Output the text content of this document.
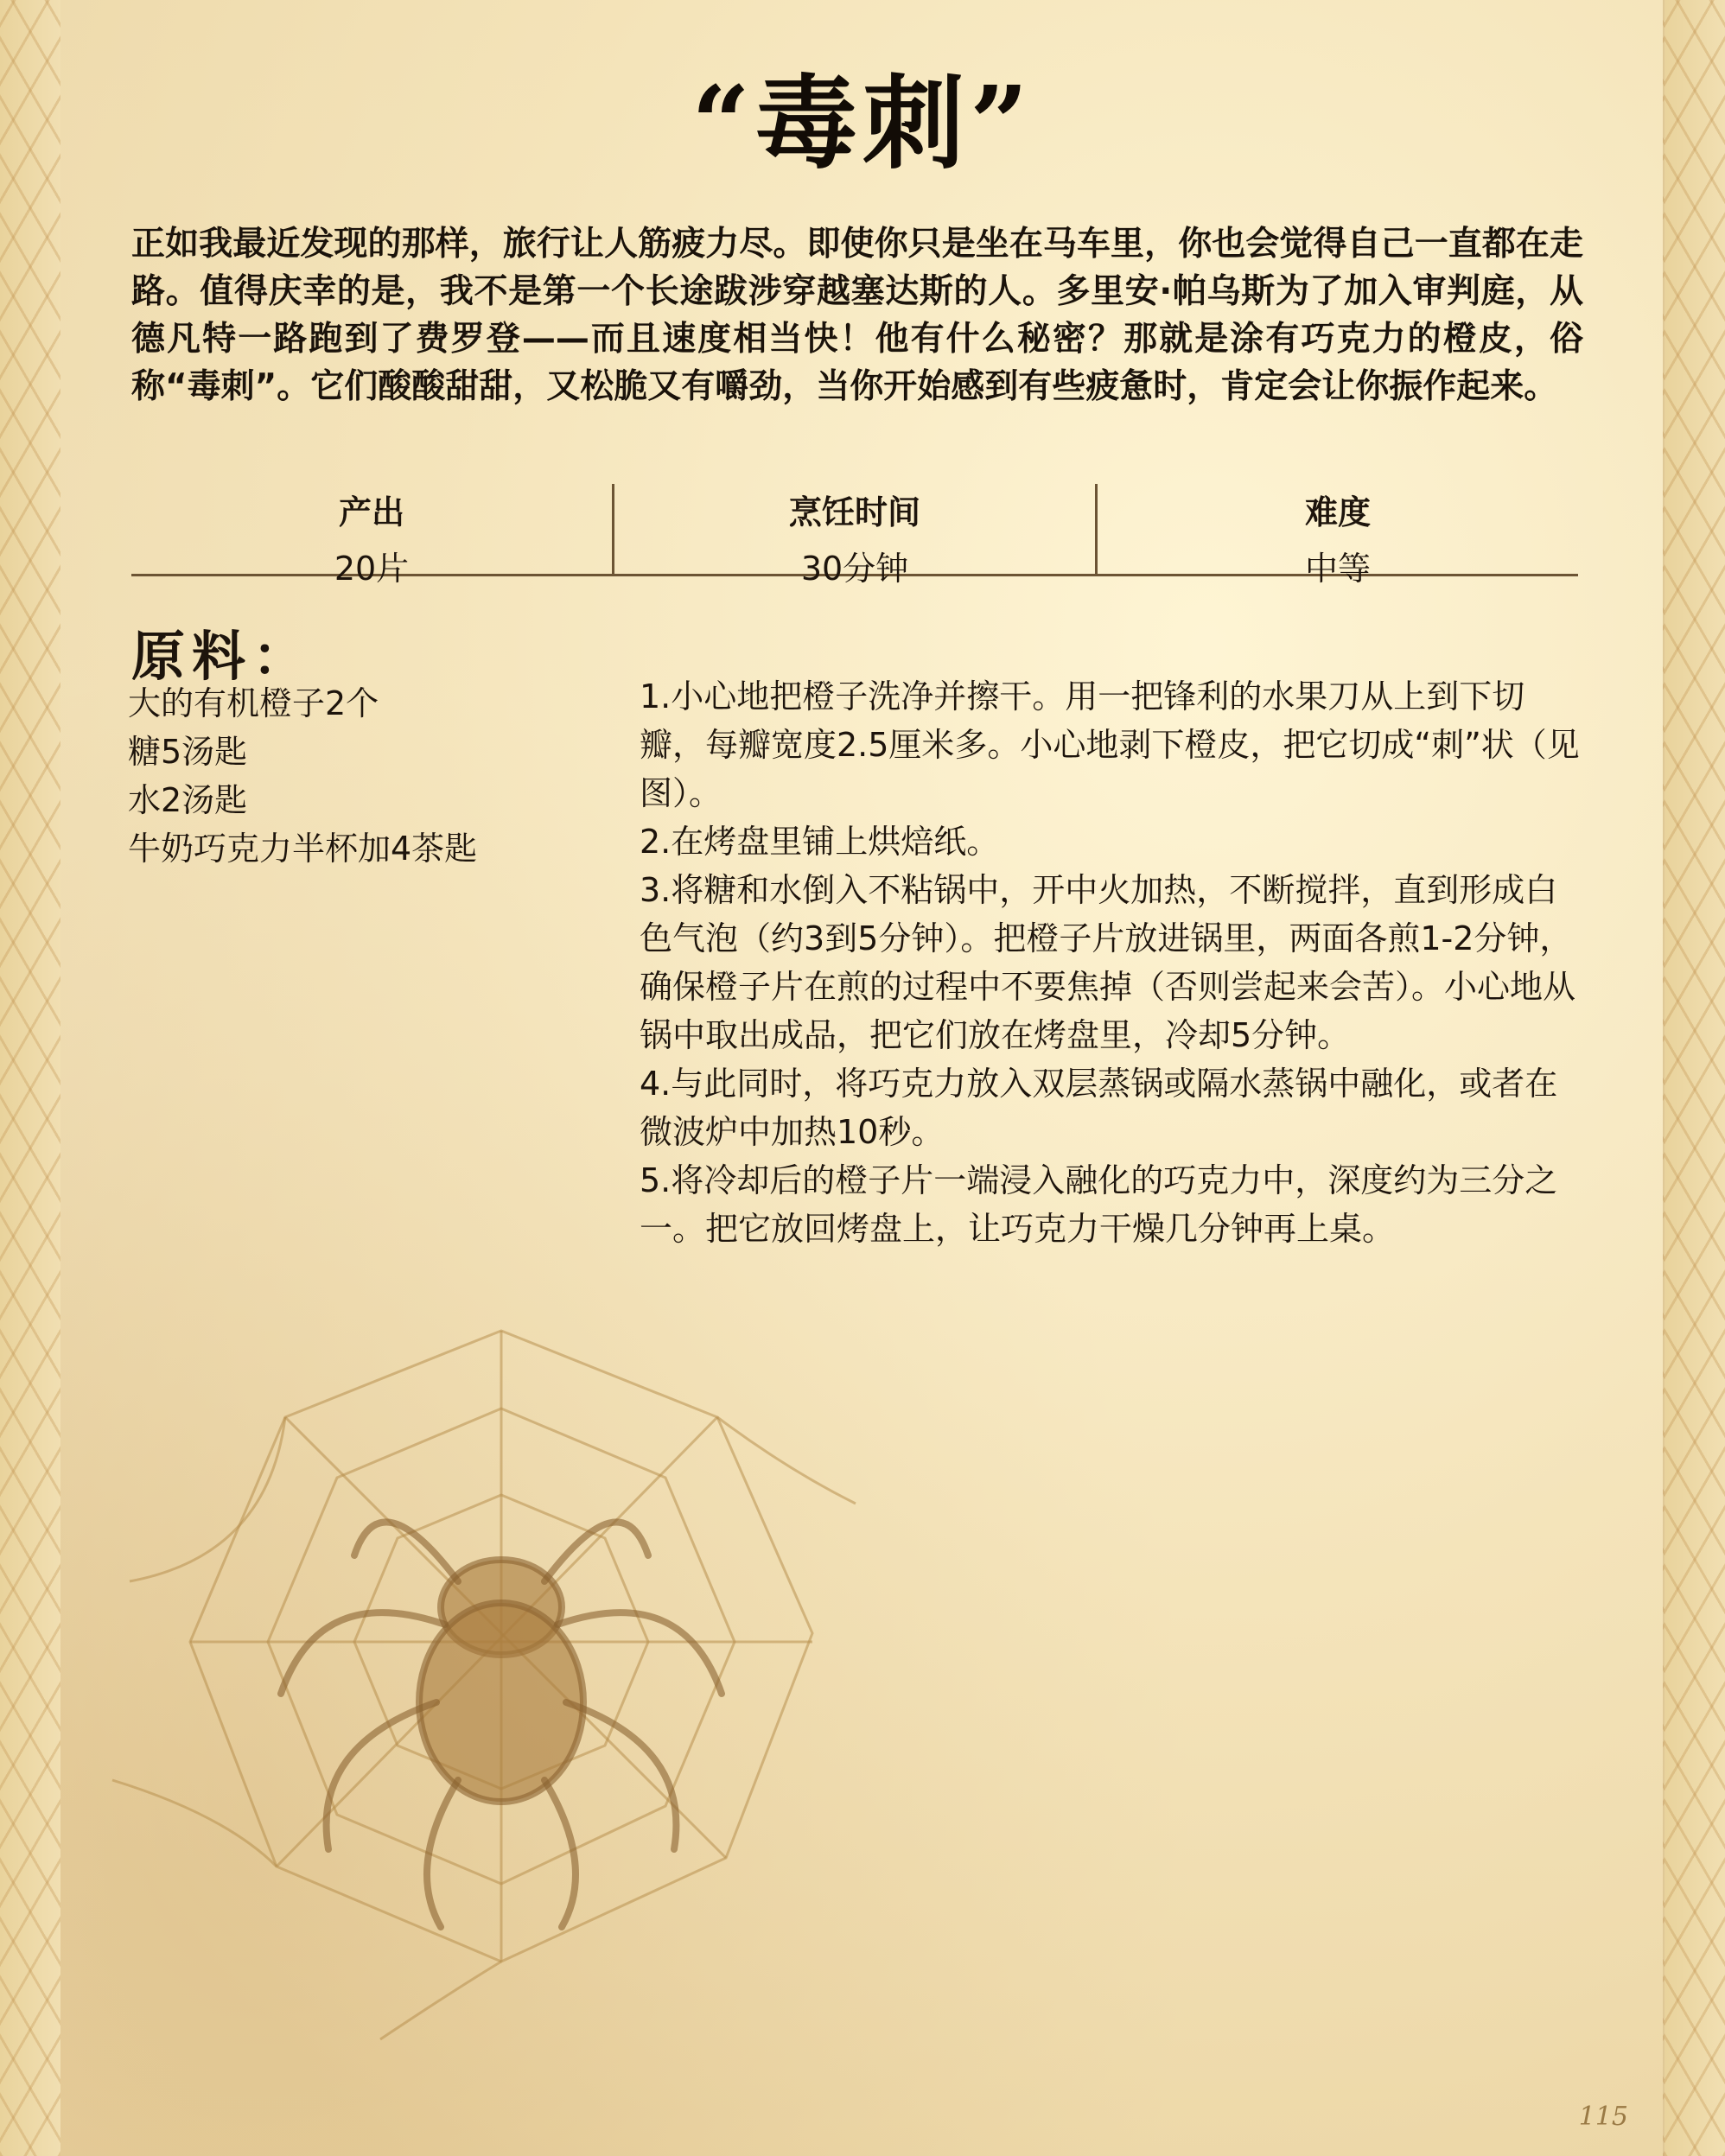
“毒刺”
正如我最近发现的那样，旅行让人筋疲力尽。即使你只是坐在马车里，你也会觉得自己一直都在走路。值得庆幸的是，我不是第一个长途跋涉穿越塞达斯的人。多里安·帕乌斯为了加入审判庭，从德凡特一路跑到了费罗登——而且速度相当快！他有什么秘密？那就是涂有巧克力的橙皮，俗称“毒刺”。它们酸酸甜甜，又松脆又有嚼劲，当你开始感到有些疲惫时，肯定会让你振作起来。
产出
20片
烹饪时间
30分钟
难度
中等
原料：
大的有机橙子2个
糖5汤匙
水2汤匙
牛奶巧克力半杯加4茶匙

1.小心地把橙子洗净并擦干。用一把锋利的水果刀从上到下切瓣，每瓣宽度2.5厘米多。小心地剥下橙皮，把它切成“刺”状（见图）。

2.在烤盘里铺上烘焙纸。

3.将糖和水倒入不粘锅中，开中火加热，不断搅拌，直到形成白色气泡（约3到5分钟）。把橙子片放进锅里，两面各煎1-2分钟，确保橙子片在煎的过程中不要焦掉（否则尝起来会苦）。小心地从锅中取出成品，把它们放在烤盘里，冷却5分钟。

4.与此同时，将巧克力放入双层蒸锅或隔水蒸锅中融化，或者在微波炉中加热10秒。

5.将冷却后的橙子片一端浸入融化的巧克力中，深度约为三分之一。把它放回烤盘上，让巧克力干燥几分钟再上桌。

115
